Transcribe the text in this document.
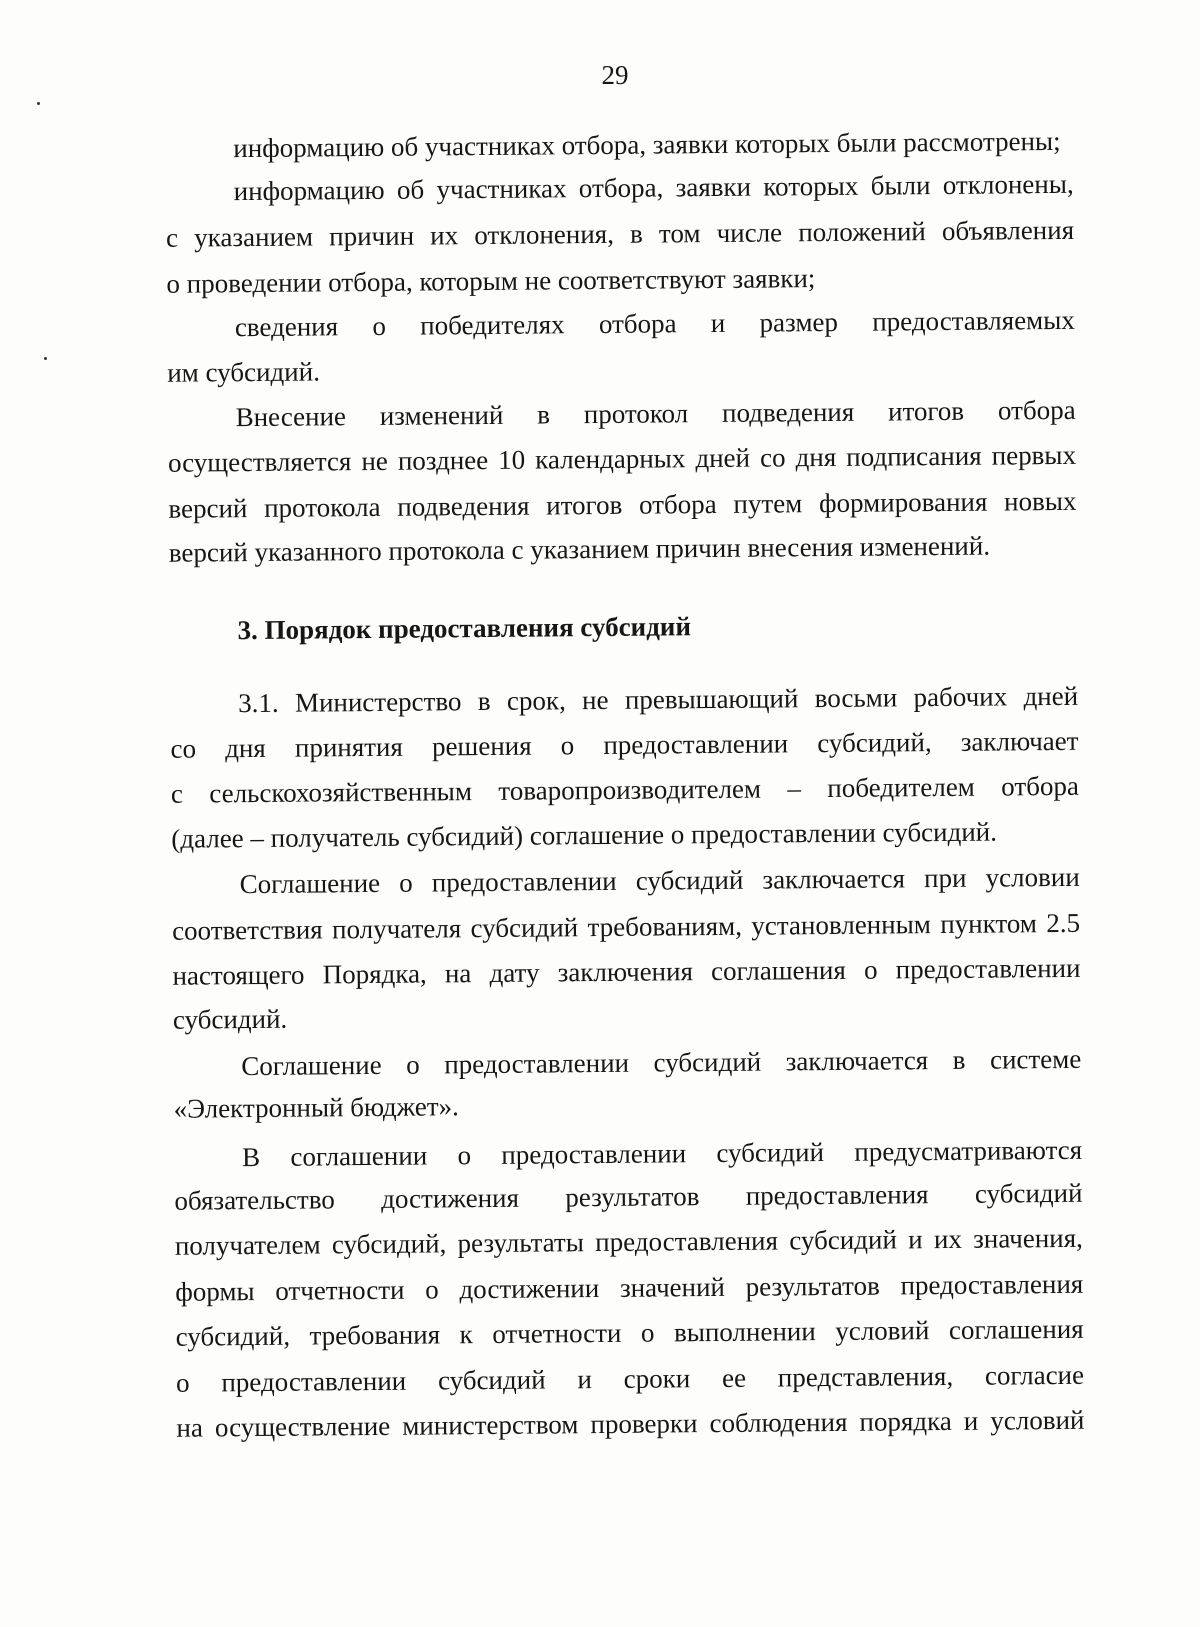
29
информацию об участниках отбора, заявки которых были рассмотрены;
информацию об участниках отбора, заявки которых были отклонены,
с указанием причин их отклонения, в том числе положений объявления
о проведении отбора, которым не соответствуют заявки;
сведения о победителях отбора и размер предоставляемых
им субсидий.
Внесение изменений в протокол подведения итогов отбора
осуществляется не позднее 10 календарных дней со дня подписания первых
версий протокола подведения итогов отбора путем формирования новых
версий указанного протокола с указанием причин внесения изменений.
3. Порядок предоставления субсидий
3.1. Министерство в срок, не превышающий восьми рабочих дней
со дня принятия решения о предоставлении субсидий, заключает
с сельскохозяйственным товаропроизводителем – победителем отбора
(далее – получатель субсидий) соглашение о предоставлении субсидий.
Соглашение о предоставлении субсидий заключается при условии
соответствия получателя субсидий требованиям, установленным пунктом 2.5
настоящего Порядка, на дату заключения соглашения о предоставлении
субсидий.
Соглашение о предоставлении субсидий заключается в системе
«Электронный бюджет».
В соглашении о предоставлении субсидий предусматриваются
обязательство достижения результатов предоставления субсидий
получателем субсидий, результаты предоставления субсидий и их значения,
формы отчетности о достижении значений результатов предоставления
субсидий, требования к отчетности о выполнении условий соглашения
о предоставлении субсидий и сроки ее представления, согласие
на осуществление министерством проверки соблюдения порядка и условий
